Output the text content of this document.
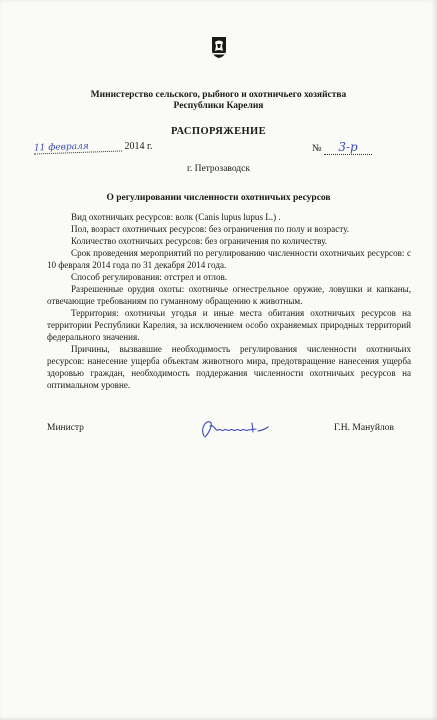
Министерство сельского, рыбного и охотничьего хозяйства
Республики Карелия
РАСПОРЯЖЕНИЕ
11 февраля	2014 г.	№ 3-р
г. Петрозаводск
О регулировании численности охотничьих ресурсов

Вид охотничьих ресурсов: волк (Canis lupus lupus L.) .

Пол, возраст охотничьих ресурсов: без ограничения по полу и возрасту.

Количество охотничьих ресурсов: без ограничения по количеству.

Срок проведения мероприятий по регулированию численности охотничьих ресурсов: с 10 февраля 2014 года по 31 декабря 2014 года.

Способ регулирования: отстрел и отлов.

Разрешенные орудия охоты: охотничье огнестрельное оружие, ловушки и капканы, отвечающие требованиям по гуманному обращению к животным.

Территория: охотничьи угодья и иные места обитания охотничьих ресурсов на территории Республики Карелия, за исключением особо охраняемых природных территорий федерального значения.

Причины, вызвавшие необходимость регулирования численности охотничьих ресурсов: нанесение ущерба объектам животного мира, предотвращение нанесения ущерба здоровью граждан, необходимость поддержания численности охотничьих ресурсов на оптимальном уровне.

Министр	Г.Н. Мануйлов
